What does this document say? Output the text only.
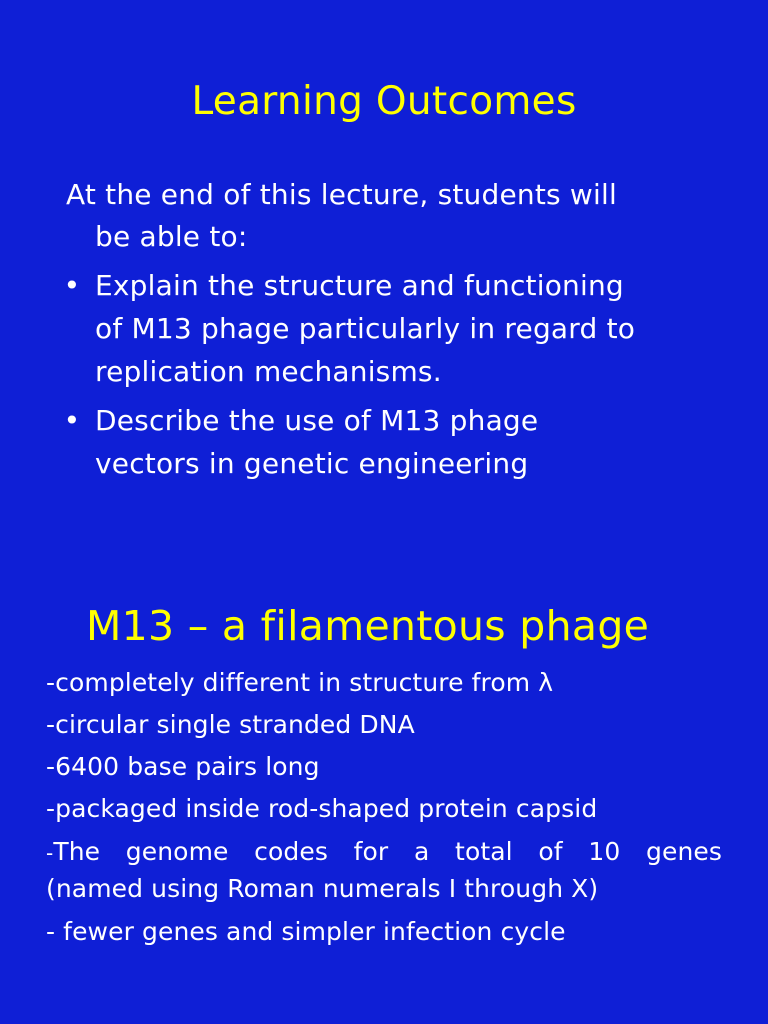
Learning Outcomes
At the end of this lecture, students will
be able to:
• Explain the structure and functioning
of M13 phage particularly in regard to
replication mechanisms.
• Describe the use of M13 phage
vectors in genetic engineering
M13 – a filamentous phage
-completely different in structure from λ
-circular single stranded DNA
-6400 base pairs long
-packaged inside rod-shaped protein capsid
-The genome codes for a total of 10 genes
(named using Roman numerals I through X)
- fewer genes and simpler infection cycle
